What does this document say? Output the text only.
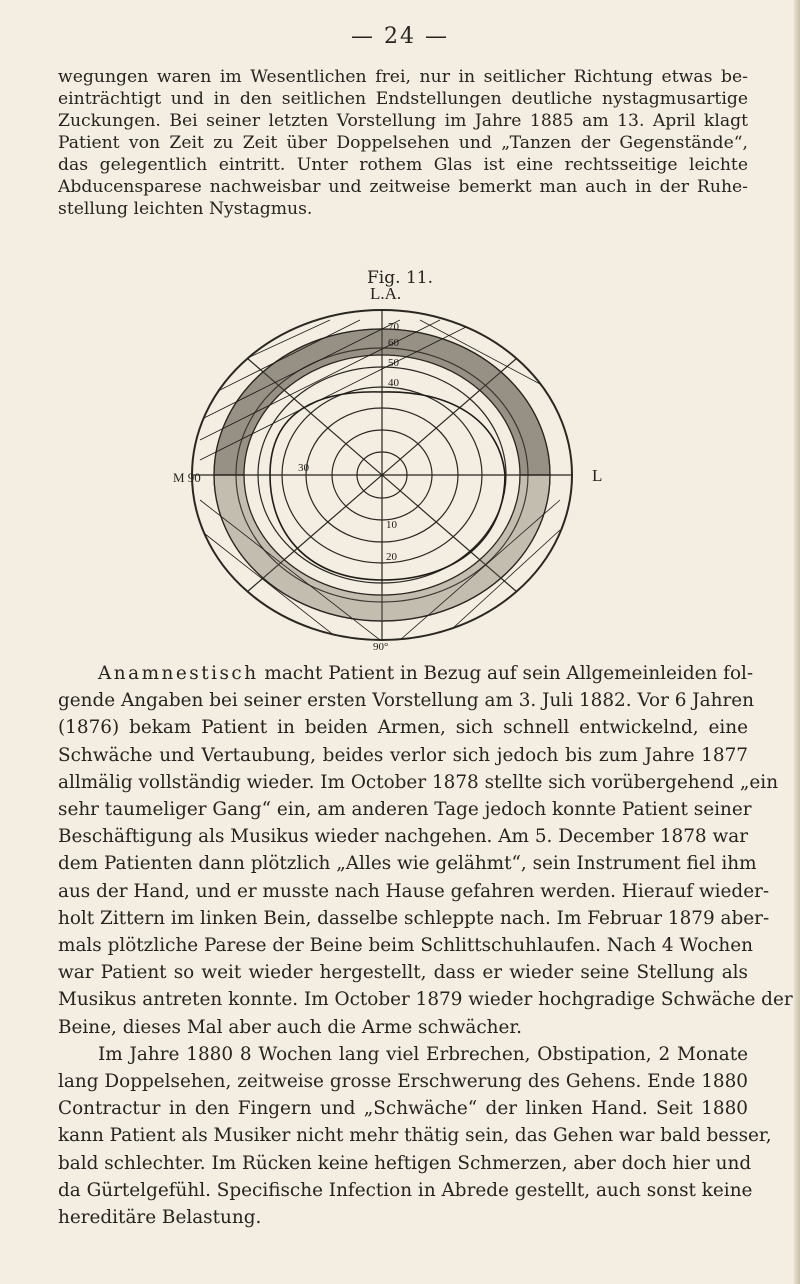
— 24 —
wegungen waren im Wesentlichen frei, nur in seitlicher Richtung etwas be-
einträchtigt und in den seitlichen Endstellungen deutliche nystagmusartige
Zuckungen. Bei seiner letzten Vorstellung im Jahre 1885 am 13. April klagt
Patient von Zeit zu Zeit über Doppelsehen und „Tanzen der Gegenstände“,
das gelegentlich eintritt. Unter rothem Glas ist eine rechtsseitige leichte
Abducensparese nachweisbar und zeitweise bemerkt man auch in der Ruhe-
stellung leichten Nystagmus.
Fig. 11.
L.A.
M 90	L
90°
70
60
50
40
30
20
10
Anamnestisch macht Patient in Bezug auf sein Allgemeinleiden fol-
gende Angaben bei seiner ersten Vorstellung am 3. Juli 1882. Vor 6 Jahren
(1876) bekam Patient in beiden Armen, sich schnell entwickelnd, eine
Schwäche und Vertaubung, beides verlor sich jedoch bis zum Jahre 1877
allmälig vollständig wieder. Im October 1878 stellte sich vorübergehend „ein
sehr taumeliger Gang“ ein, am anderen Tage jedoch konnte Patient seiner
Beschäftigung als Musikus wieder nachgehen. Am 5. December 1878 war
dem Patienten dann plötzlich „Alles wie gelähmt“, sein Instrument fiel ihm
aus der Hand, und er musste nach Hause gefahren werden. Hierauf wieder-
holt Zittern im linken Bein, dasselbe schleppte nach. Im Februar 1879 aber-
mals plötzliche Parese der Beine beim Schlittschuhlaufen. Nach 4 Wochen
war Patient so weit wieder hergestellt, dass er wieder seine Stellung als
Musikus antreten konnte. Im October 1879 wieder hochgradige Schwäche der
Beine, dieses Mal aber auch die Arme schwächer.
Im Jahre 1880 8 Wochen lang viel Erbrechen, Obstipation, 2 Monate
lang Doppelsehen, zeitweise grosse Erschwerung des Gehens. Ende 1880
Contractur in den Fingern und „Schwäche“ der linken Hand. Seit 1880
kann Patient als Musiker nicht mehr thätig sein, das Gehen war bald besser,
bald schlechter. Im Rücken keine heftigen Schmerzen, aber doch hier und
da Gürtelgefühl. Specifische Infection in Abrede gestellt, auch sonst keine
hereditäre Belastung.
